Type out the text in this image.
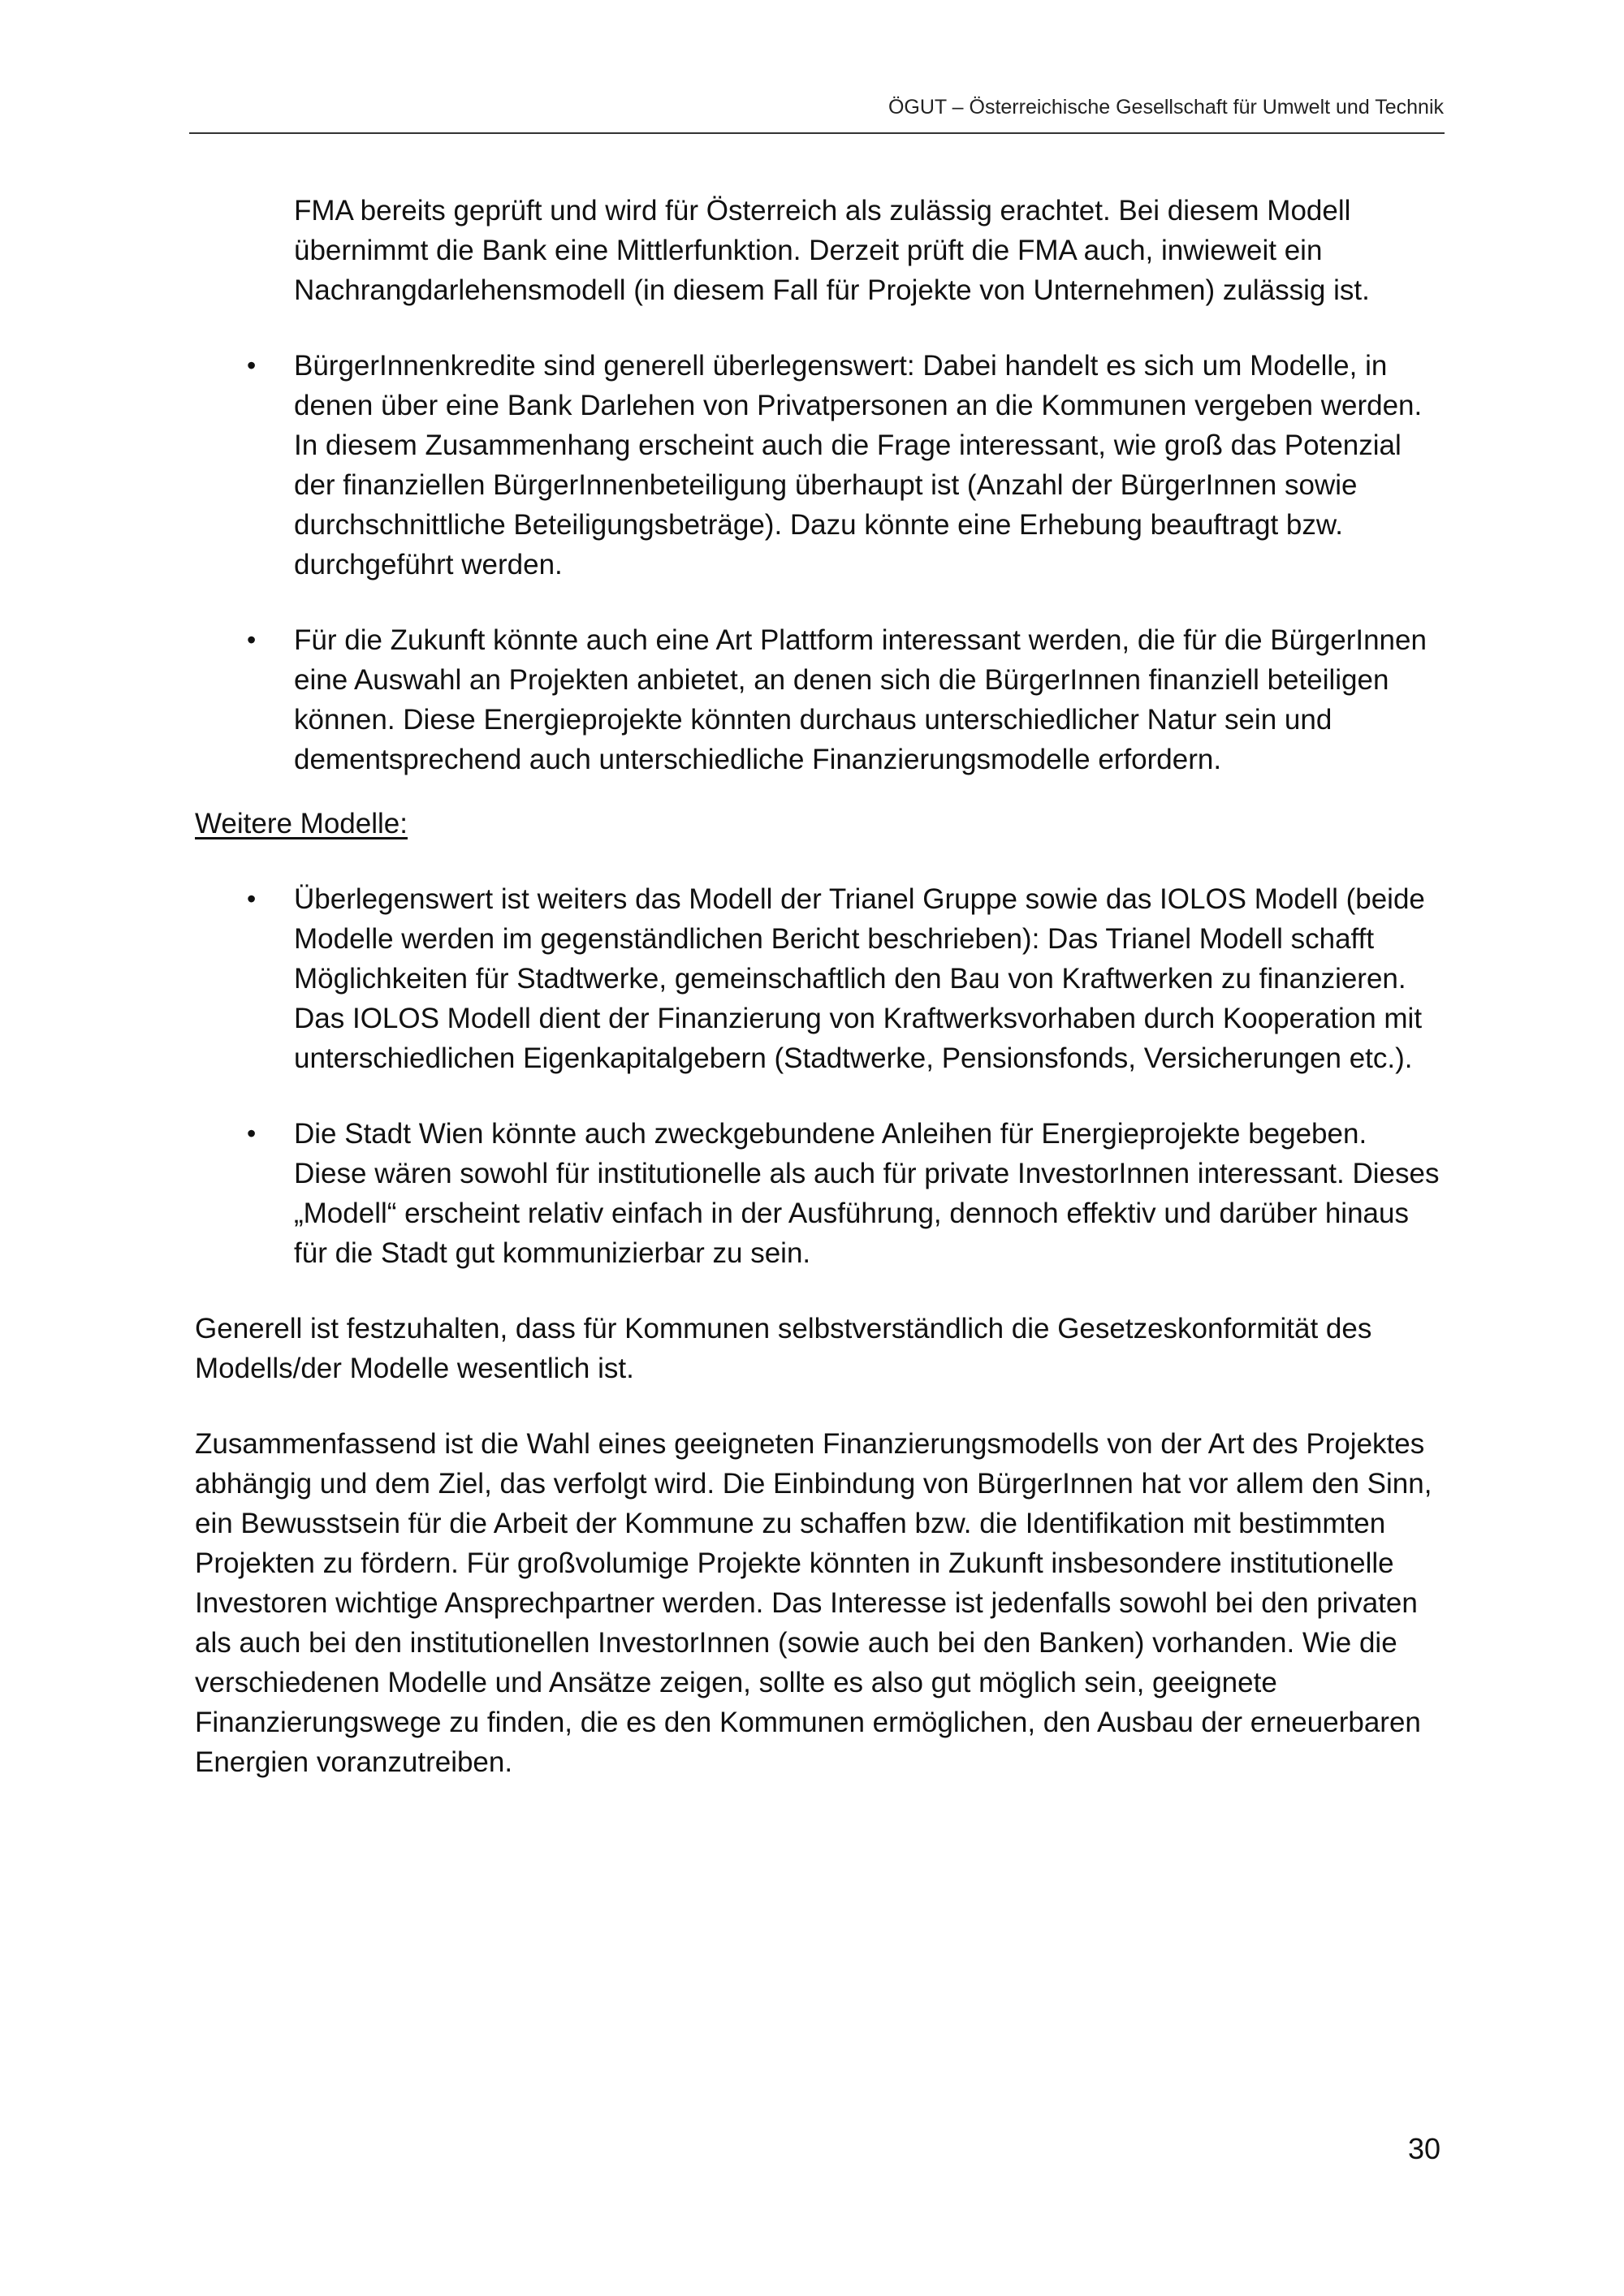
ÖGUT – Österreichische Gesellschaft für Umwelt und Technik

FMA bereits geprüft und wird für Österreich als zulässig erachtet. Bei diesem Modell übernimmt die Bank eine Mittlerfunktion. Derzeit prüft die FMA auch, inwieweit ein Nachrangdarlehensmodell (in diesem Fall für Projekte von Unternehmen) zulässig ist.

• BürgerInnenkredite sind generell überlegenswert: Dabei handelt es sich um Modelle, in denen über eine Bank Darlehen von Privatpersonen an die Kommunen vergeben werden. In diesem Zusammenhang erscheint auch die Frage interessant, wie groß das Potenzial der finanziellen BürgerInnenbeteiligung überhaupt ist (Anzahl der BürgerInnen sowie durchschnittliche Beteiligungsbeträge). Dazu könnte eine Erhebung beauftragt bzw. durchgeführt werden.
• Für die Zukunft könnte auch eine Art Plattform interessant werden, die für die BürgerInnen eine Auswahl an Projekten anbietet, an denen sich die BürgerInnen finanziell beteiligen können. Diese Energieprojekte könnten durchaus unterschiedlicher Natur sein und dementsprechend auch unterschiedliche Finanzierungsmodelle erfordern.

Weitere Modelle:

• Überlegenswert ist weiters das Modell der Trianel Gruppe sowie das IOLOS Modell (beide Modelle werden im gegenständlichen Bericht beschrieben): Das Trianel Modell schafft Möglichkeiten für Stadtwerke, gemeinschaftlich den Bau von Kraftwerken zu finanzieren. Das IOLOS Modell dient der Finanzierung von Kraftwerksvorhaben durch Kooperation mit unterschiedlichen Eigenkapitalgebern (Stadtwerke, Pensionsfonds, Versicherungen etc.).
• Die Stadt Wien könnte auch zweckgebundene Anleihen für Energieprojekte begeben. Diese wären sowohl für institutionelle als auch für private InvestorInnen interessant. Dieses „Modell“ erscheint relativ einfach in der Ausführung, dennoch effektiv und darüber hinaus für die Stadt gut kommunizierbar zu sein.

Generell ist festzuhalten, dass für Kommunen selbstverständlich die Gesetzeskonformität des Modells/der Modelle wesentlich ist.

Zusammenfassend ist die Wahl eines geeigneten Finanzierungsmodells von der Art des Projektes abhängig und dem Ziel, das verfolgt wird. Die Einbindung von BürgerInnen hat vor allem den Sinn, ein Bewusstsein für die Arbeit der Kommune zu schaffen bzw. die Identifikation mit bestimmten Projekten zu fördern. Für großvolumige Projekte könnten in Zukunft insbesondere institutionelle Investoren wichtige Ansprechpartner werden. Das Interesse ist jedenfalls sowohl bei den privaten als auch bei den institutionellen InvestorInnen (sowie auch bei den Banken) vorhanden. Wie die verschiedenen Modelle und Ansätze zeigen, sollte es also gut möglich sein, geeignete Finanzierungswege zu finden, die es den Kommunen ermöglichen, den Ausbau der erneuerbaren Energien voranzutreiben.

30
